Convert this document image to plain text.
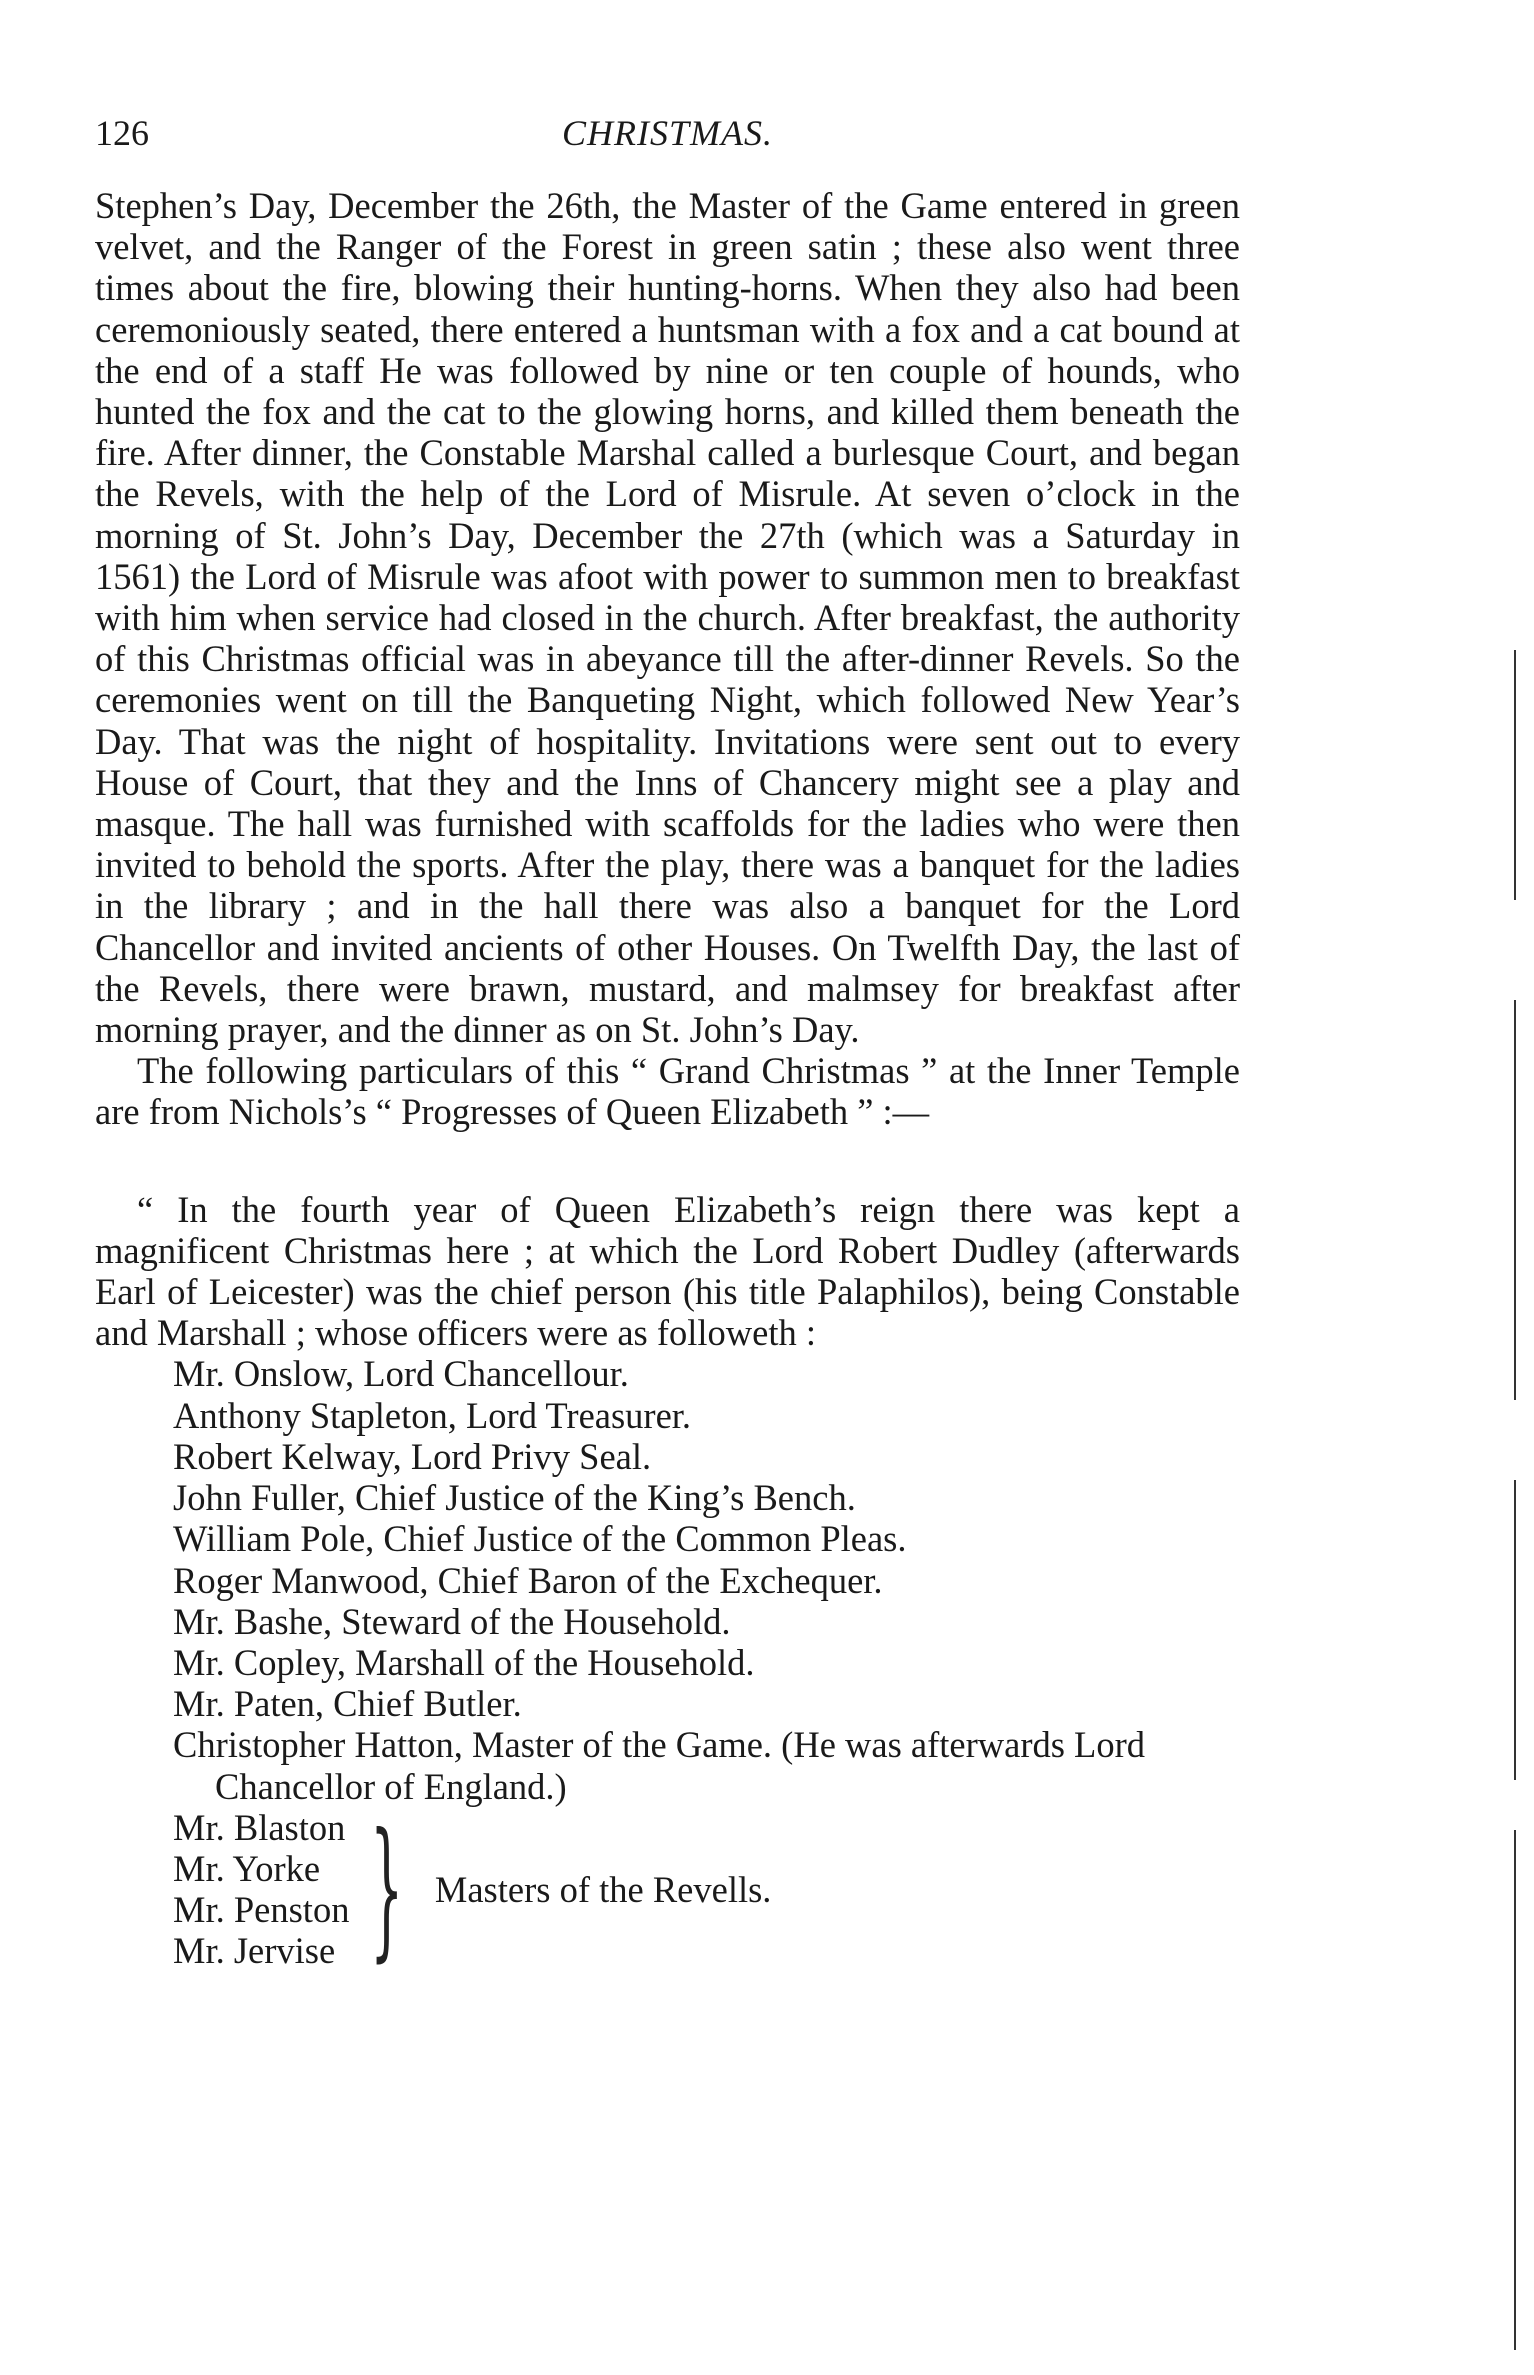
126	CHRISTMAS.

Stephen’s Day, December the 26th, the Master of the Game entered in green velvet, and the Ranger of the Forest in green satin ; these also went three times about the fire, blowing their hunting-horns. When they also had been ceremoniously seated, there entered a huntsman with a fox and a cat bound at the end of a staff He was followed by nine or ten couple of hounds, who hunted the fox and the cat to the glowing horns, and killed them beneath the fire. After dinner, the Constable Marshal called a burlesque Court, and began the Revels, with the help of the Lord of Misrule. At seven o’clock in the morning of St. John’s Day, December the 27th (which was a Saturday in 1561) the Lord of Misrule was afoot with power to summon men to breakfast with him when service had closed in the church. After breakfast, the authority of this Christmas official was in abeyance till the after-dinner Revels. So the ceremonies went on till the Banqueting Night, which followed New Year’s Day. That was the night of hospitality. Invitations were sent out to every House of Court, that they and the Inns of Chancery might see a play and masque. The hall was furnished with scaffolds for the ladies who were then invited to behold the sports. After the play, there was a banquet for the ladies in the library ; and in the hall there was also a banquet for the Lord Chancellor and invited ancients of other Houses. On Twelfth Day, the last of the Revels, there were brawn, mustard, and malmsey for breakfast after morning prayer, and the dinner as on St. John’s Day.

The following particulars of this “ Grand Christmas ” at the Inner Temple are from Nichols’s “ Progresses of Queen Elizabeth ” :—

“ In the fourth year of Queen Elizabeth’s reign there was kept a magnificent Christmas here ; at which the Lord Robert Dudley (afterwards Earl of Leicester) was the chief person (his title Palaphilos), being Constable and Marshall ; whose officers were as followeth :

Mr. Onslow, Lord Chancellour.
Anthony Stapleton, Lord Treasurer.
Robert Kelway, Lord Privy Seal.
John Fuller, Chief Justice of the King’s Bench.
William Pole, Chief Justice of the Common Pleas.
Roger Manwood, Chief Baron of the Exchequer.
Mr. Bashe, Steward of the Household.
Mr. Copley, Marshall of the Household.
Mr. Paten, Chief Butler.
Christopher Hatton, Master of the Game. (He was afterwards Lord Chancellor of England.)
Mr. Blaston
Mr. Yorke
Mr. Penston
Mr. Jervise } Masters of the Revells.
